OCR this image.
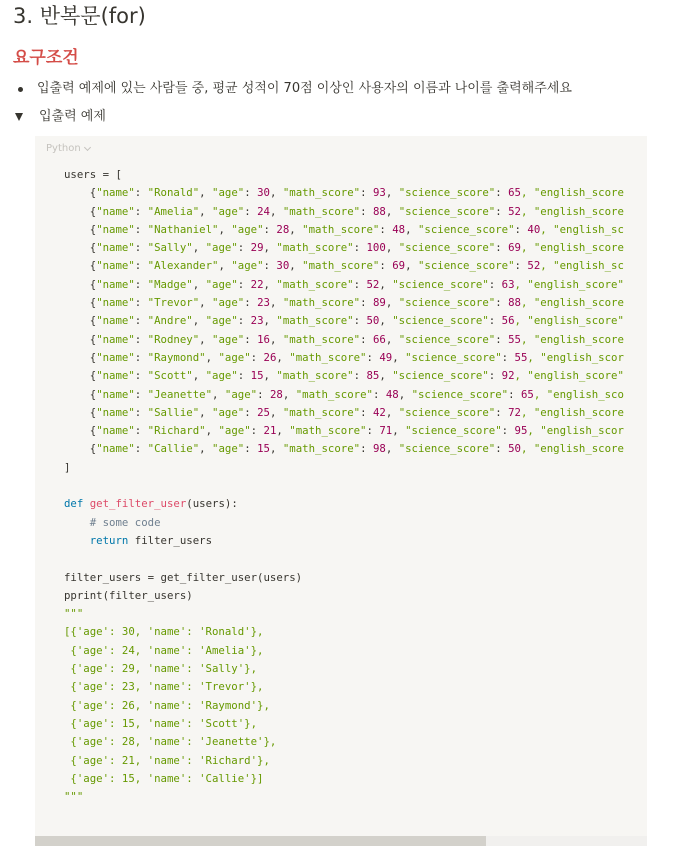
3. 반복문(for)
요구조건
입출력 예제에 있는 사람들 중, 평균 성적이 70점 이상인 사용자의 이름과 나이를 출력해주세요
입출력 예제
Python
users = [
{"name": "Ronald", "age": 30, "math_score": 93, "science_score": 65, "english_score
{"name": "Amelia", "age": 24, "math_score": 88, "science_score": 52, "english_score
{"name": "Nathaniel", "age": 28, "math_score": 48, "science_score": 40, "english_sc
{"name": "Sally", "age": 29, "math_score": 100, "science_score": 69, "english_score
{"name": "Alexander", "age": 30, "math_score": 69, "science_score": 52, "english_sc
{"name": "Madge", "age": 22, "math_score": 52, "science_score": 63, "english_score"
{"name": "Trevor", "age": 23, "math_score": 89, "science_score": 88, "english_score
{"name": "Andre", "age": 23, "math_score": 50, "science_score": 56, "english_score"
{"name": "Rodney", "age": 16, "math_score": 66, "science_score": 55, "english_score
{"name": "Raymond", "age": 26, "math_score": 49, "science_score": 55, "english_scor
{"name": "Scott", "age": 15, "math_score": 85, "science_score": 92, "english_score"
{"name": "Jeanette", "age": 28, "math_score": 48, "science_score": 65, "english_sco
{"name": "Sallie", "age": 25, "math_score": 42, "science_score": 72, "english_score
{"name": "Richard", "age": 21, "math_score": 71, "science_score": 95, "english_scor
{"name": "Callie", "age": 15, "math_score": 98, "science_score": 50, "english_score
]

def get_filter_user(users):
# some code
return filter_users

filter_users = get_filter_user(users)
pprint(filter_users)
"""
[{'age': 30, 'name': 'Ronald'},
{'age': 24, 'name': 'Amelia'},
{'age': 29, 'name': 'Sally'},
{'age': 23, 'name': 'Trevor'},
{'age': 26, 'name': 'Raymond'},
{'age': 15, 'name': 'Scott'},
{'age': 28, 'name': 'Jeanette'},
{'age': 21, 'name': 'Richard'},
{'age': 15, 'name': 'Callie'}]
"""
